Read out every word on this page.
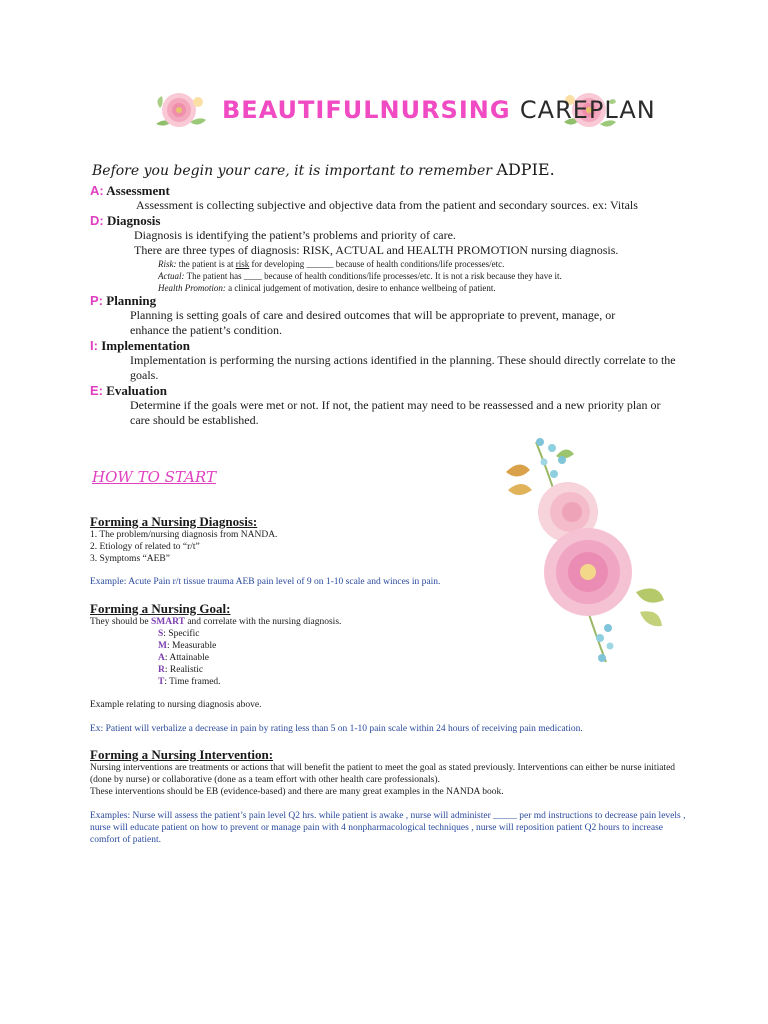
BEAUTIFULNURSING CAREPLAN
Before you begin your care, it is important to remember ADPIE.
A: Assessment
Assessment is collecting subjective and objective data from the patient and secondary sources. ex: Vitals
D: Diagnosis
Diagnosis is identifying the patient’s problems and priority of care.
There are three types of diagnosis: RISK, ACTUAL and HEALTH PROMOTION nursing diagnosis.
Risk: the patient is at risk for developing ______ because of health conditions/life processes/etc.
Actual: The patient has ____ because of health conditions/life processes/etc. It is not a risk because they have it.
Health Promotion: a clinical judgement of motivation, desire to enhance wellbeing of patient.
P: Planning
Planning is setting goals of care and desired outcomes that will be appropriate to prevent, manage, or enhance the patient’s condition.
I: Implementation
Implementation is performing the nursing actions identified in the planning. These should directly correlate to the goals.
E: Evaluation
Determine if the goals were met or not. If not, the patient may need to be reassessed and a new priority plan or care should be established.
HOW TO START
Forming a Nursing Diagnosis:
1. The problem/nursing diagnosis from NANDA.
2. Etiology of related to “r/t”
3. Symptoms “AEB”
Example: Acute Pain r/t tissue trauma AEB pain level of 9 on 1-10 scale and winces in pain.
Forming a Nursing Goal:
They should be SMART and correlate with the nursing diagnosis.
S: Specific
M: Measurable
A: Attainable
R: Realistic
T: Time framed.
Example relating to nursing diagnosis above.
Ex: Patient will verbalize a decrease in pain by rating less than 5 on 1-10 pain scale within 24 hours of receiving pain medication.
Forming a Nursing Intervention:
Nursing interventions are treatments or actions that will benefit the patient to meet the goal as stated previously. Interventions can either be nurse initiated (done by nurse) or collaborative (done as a team effort with other health care professionals).
These interventions should be EB (evidence-based) and there are many great examples in the NANDA book.
Examples: Nurse will assess the patient’s pain level Q2 hrs. while patient is awake , nurse will administer _____ per md instructions to decrease pain levels , nurse will educate patient on how to prevent or manage pain with 4 nonpharmacological techniques , nurse will reposition patient Q2 hours to increase comfort of patient.
